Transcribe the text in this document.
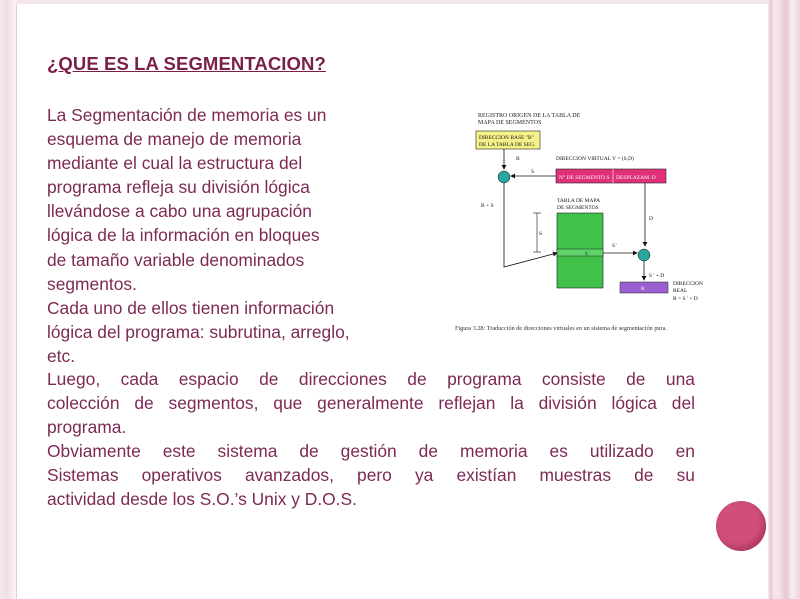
¿QUE ES LA SEGMENTACION?
La Segmentación de memoria es un
esquema de manejo de memoria
mediante el cual la estructura del
programa refleja su división lógica
llevándose a cabo una agrupación
lógica de la información en bloques
de tamaño variable denominados
segmentos.
Cada uno de ellos tienen información
lógica del programa: subrutina, arreglo,
etc.
Luego, cada espacio de direcciones de programa consiste de una
colección de segmentos, que generalmente reflejan la división lógica del
programa.
Obviamente este sistema de gestión de memoria es utilizado en
Sistemas operativos avanzados, pero ya existían muestras de su
actividad desde los S.O.’s Unix y D.O.S.
REGISTRO ORIGEN DE LA TABLA DE
MAPA DE SEGMENTOS
DIRECCION BASE "B"
DE LA TABLA DE SEG.
B
B + S
DIRECCION VIRTUAL V = (S,D)
N° DE SEGMENTO S DESPLAZAM. D
S
TABLA DE MAPA
DE SEGMENTOS
S '
S
S '
D
S ' + D
R
DIRECCION
REAL
R = S ' + D
Figura 3.28: Traducción de direcciones virtuales en un sistema de segmentación pura.
